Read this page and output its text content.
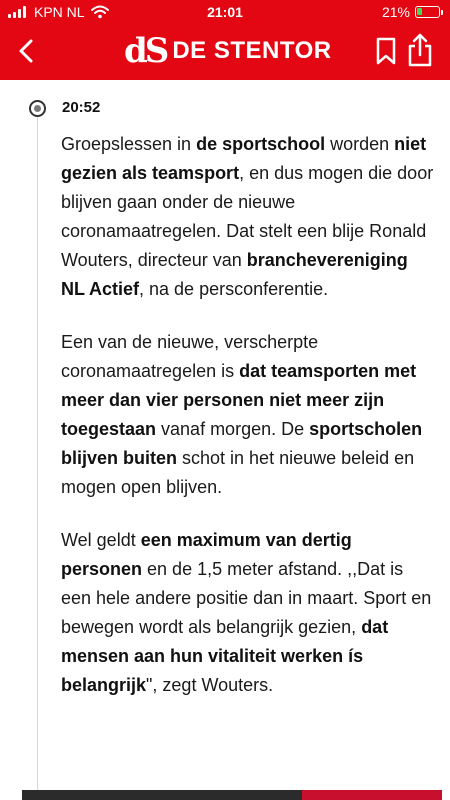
KPN NL	21:01	21%
dS DE STENTOR
20:52

Groepslessen in de sportschool worden niet gezien als teamsport, en dus mogen die door blijven gaan onder de nieuwe coronamaatregelen. Dat stelt een blije Ronald Wouters, directeur van branchevereniging NL Actief, na de persconferentie.

Een van de nieuwe, verscherpte coronamaatregelen is dat teamsporten met meer dan vier personen niet meer zijn toegestaan vanaf morgen. De sportscholen blijven buiten schot in het nieuwe beleid en mogen open blijven.

Wel geldt een maximum van dertig personen en de 1,5 meter afstand. ,,Dat is een hele andere positie dan in maart. Sport en bewegen wordt als belangrijk gezien, dat mensen aan hun vitaliteit werken ís belangrijk", zegt Wouters.
